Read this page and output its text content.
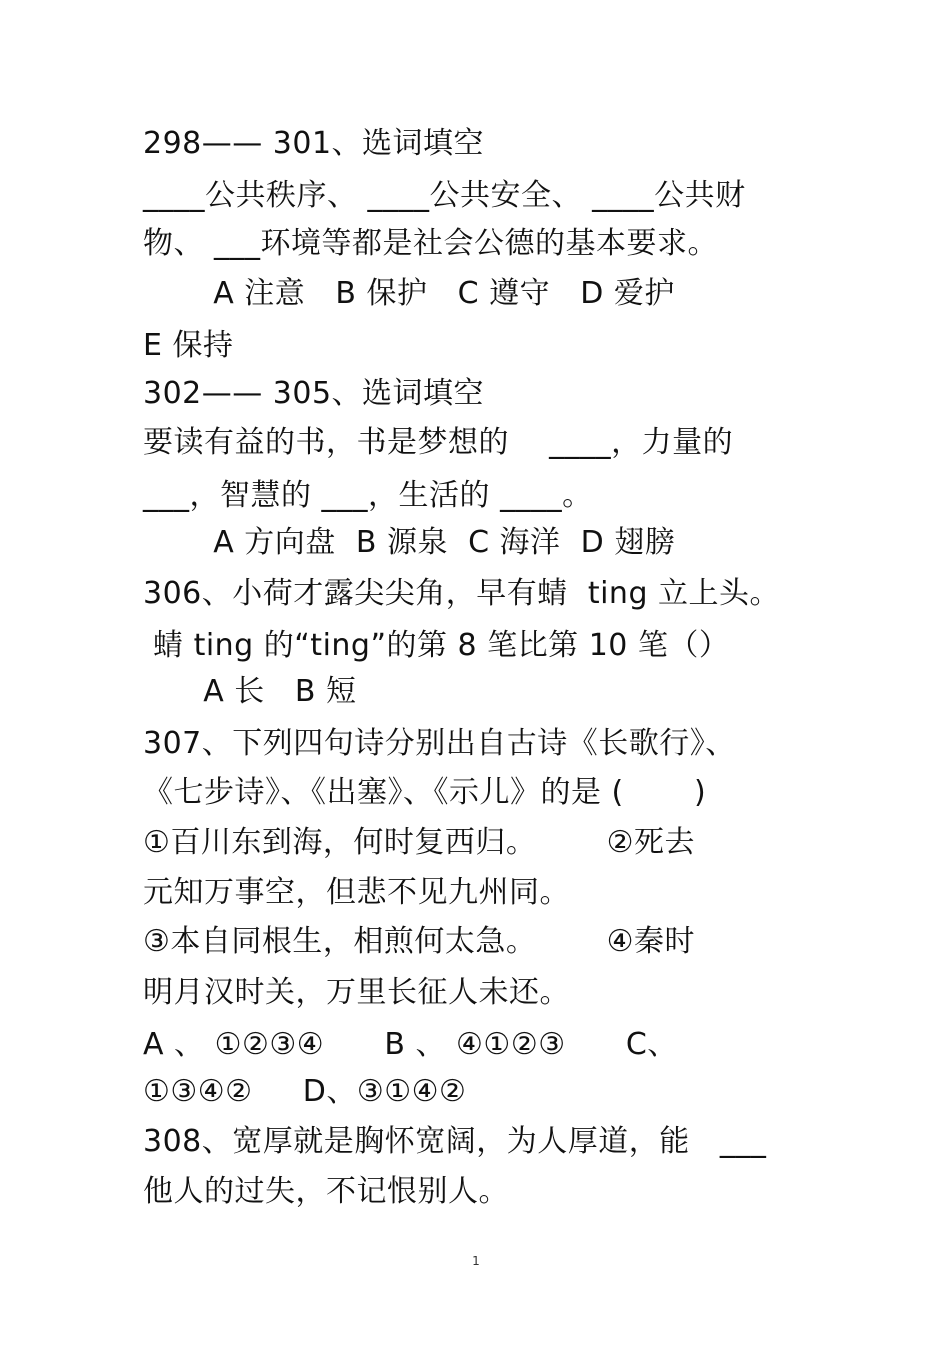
298—— 301、选词填空

____公共秩序、 ____公共安全、 ____公共财

物、 ___环境等都是社会公德的基本要求。

A 注意   B 保护   C 遵守   D 爱护

E 保持

302—— 305、选词填空

要读有益的书，书是梦想的    ____，力量的

___，智慧的 ___，生活的 ____。

A 方向盘  B 源泉  C 海洋  D 翅膀

306、小荷才露尖尖角，早有蜻  ting 立上头。

蜻 ting 的“ting”的第 8 笔比第 10 笔（）

A 长   B 短

307、下列四句诗分别出自古诗《长歌行》、

《七步诗》、《出塞》、《示儿》的是 (       )

①百川东到海，何时复西归。       ②死去

元知万事空，但悲不见九州同。

③本自同根生，相煎何太急。       ④秦时

明月汉时关，万里长征人未还。

A 、 ①②③④      B 、 ④①②③      C、

①③④②     D、③①④②

308、宽厚就是胸怀宽阔，为人厚道，能   ___

他人的过失，不记恨别人。

1
